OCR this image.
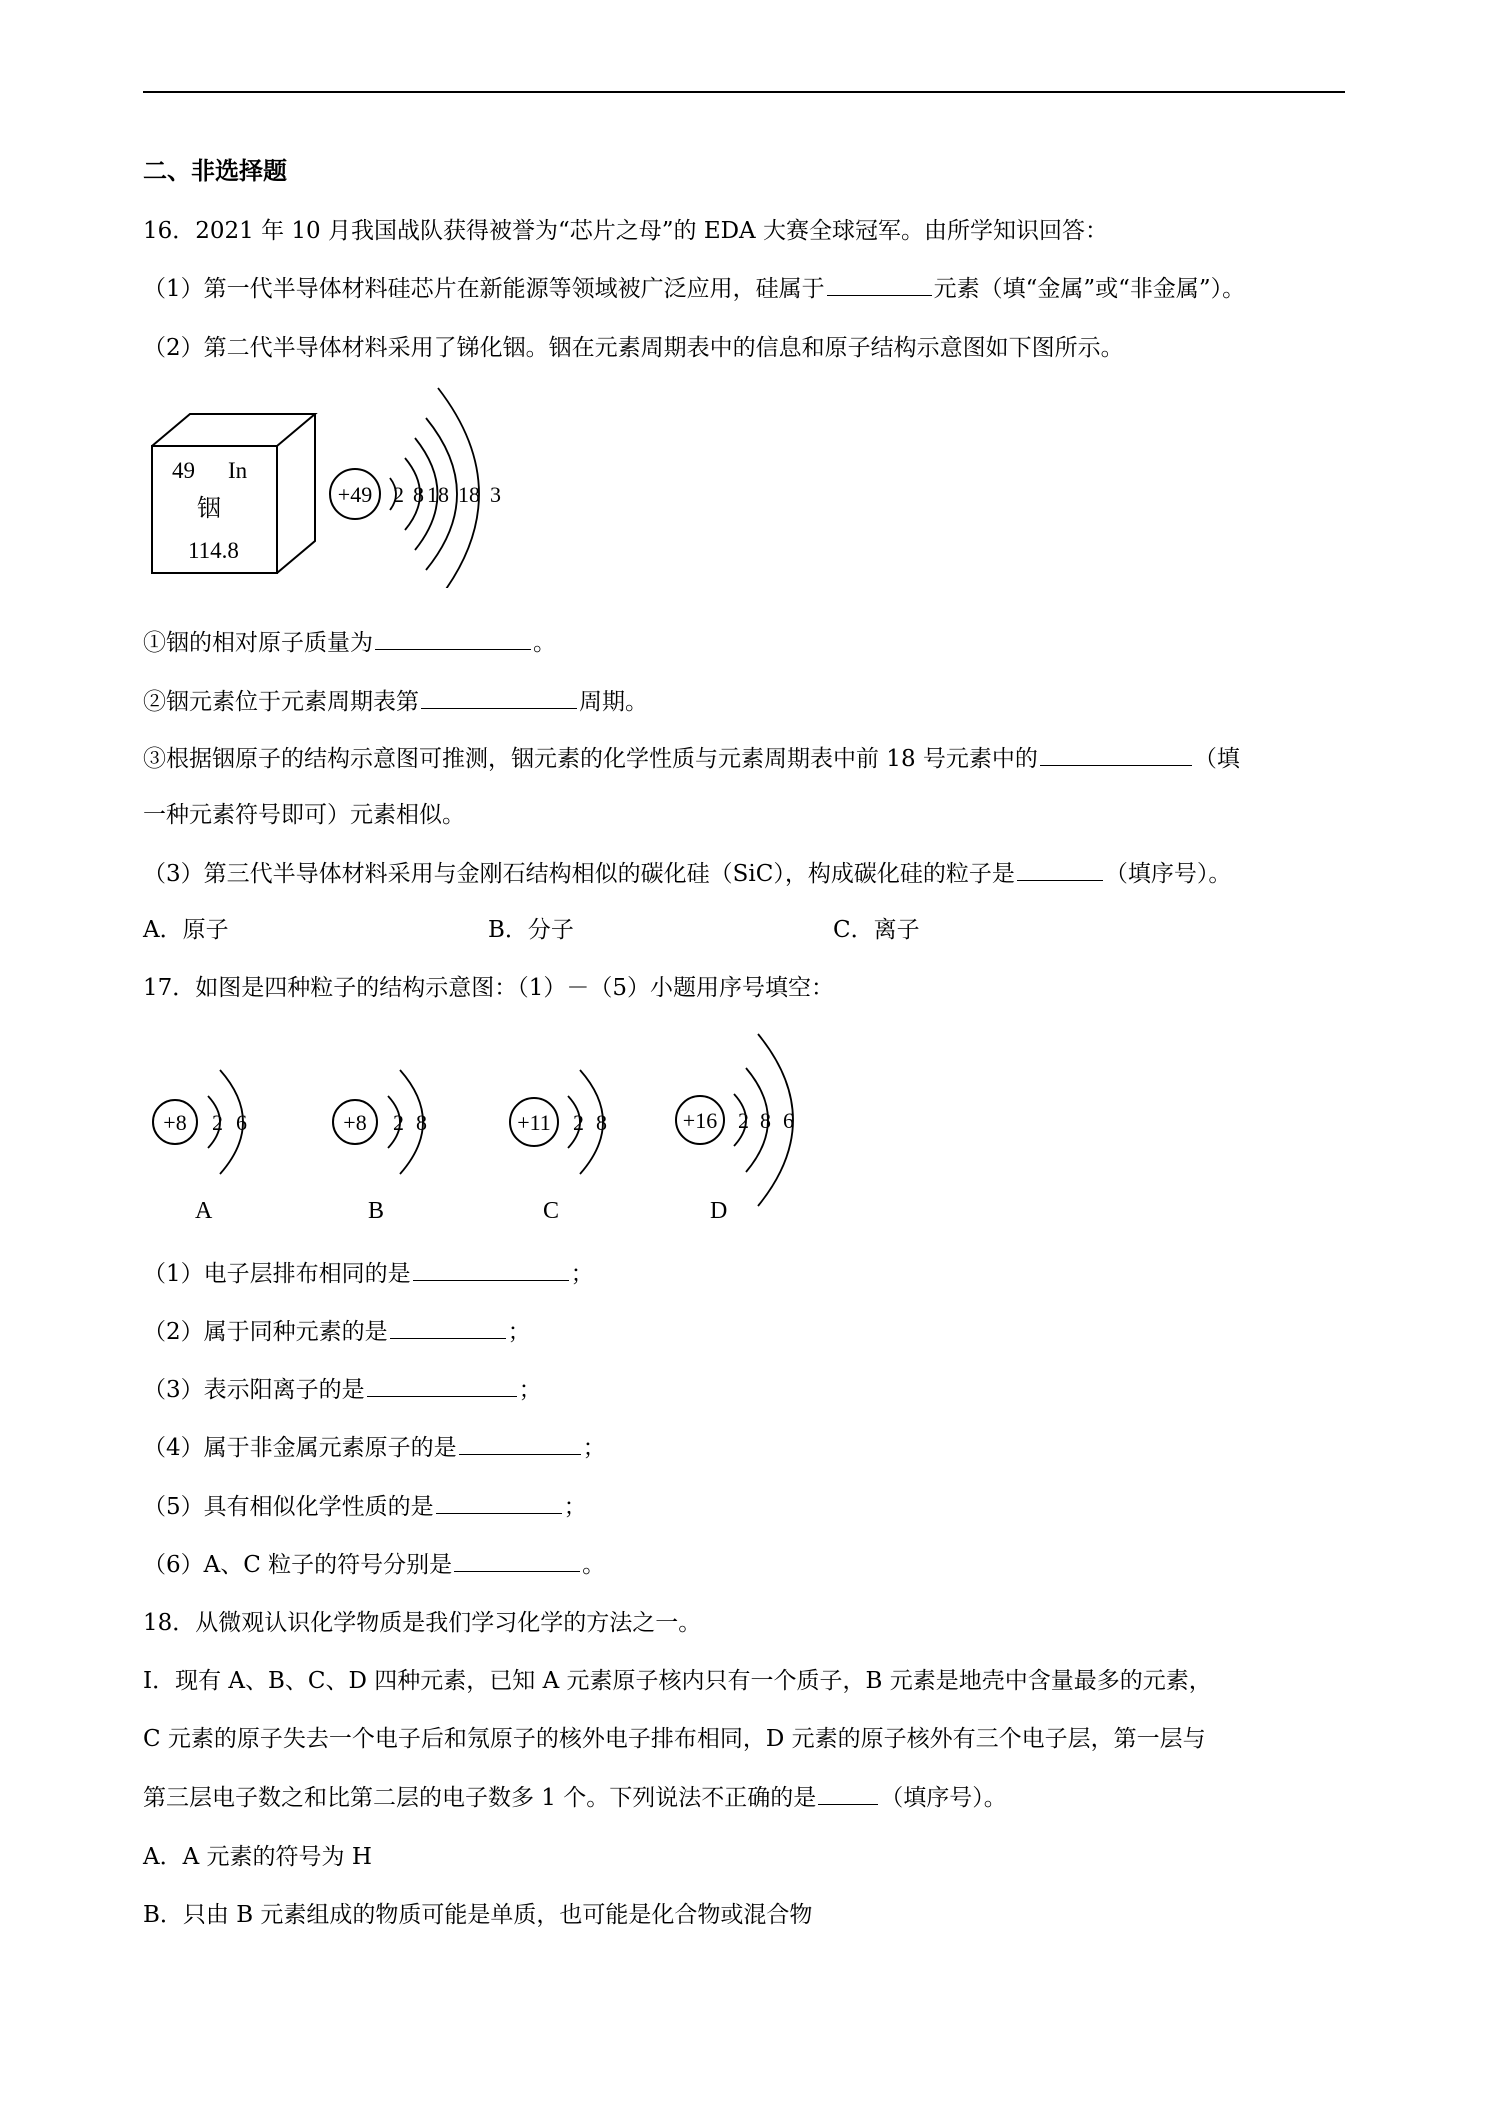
二、非选择题
16．2021 年 10 月我国战队获得被誉为“芯片之母”的 EDA 大赛全球冠军。由所学知识回答：
（1）第一代半导体材料硅芯片在新能源等领域被广泛应用，硅属于	元素（填“金属”或“非金属”）。
（2）第二代半导体材料采用了锑化铟。铟在元素周期表中的信息和原子结构示意图如下图所示。
49 In
铟
114.8
+49 2 8 18 18 3
①铟的相对原子质量为	。
②铟元素位于元素周期表第	周期。
③根据铟原子的结构示意图可推测，铟元素的化学性质与元素周期表中前 18 号元素中的	（填
一种元素符号即可）元素相似。
（3）第三代半导体材料采用与金刚石结构相似的碳化硅（SiC），构成碳化硅的粒子是	（填序号）。
A．原子	B．分子	C．离子
17．如图是四种粒子的结构示意图：（1）－（5）小题用序号填空：
+8 2 6
A
+8 2 8
B
+11 2 8
C
+16 2 8 6
D
（1）电子层排布相同的是	；
（2）属于同种元素的是	；
（3）表示阳离子的是	；
（4）属于非金属元素原子的是	；
（5）具有相似化学性质的是	；
（6）A、C 粒子的符号分别是	。
18．从微观认识化学物质是我们学习化学的方法之一。
I．现有 A、B、C、D 四种元素，已知 A 元素原子核内只有一个质子，B 元素是地壳中含量最多的元素，
C 元素的原子失去一个电子后和氖原子的核外电子排布相同，D 元素的原子核外有三个电子层，第一层与
第三层电子数之和比第二层的电子数多 1 个。下列说法不正确的是	（填序号）。
A．A 元素的符号为 H
B．只由 B 元素组成的物质可能是单质，也可能是化合物或混合物
